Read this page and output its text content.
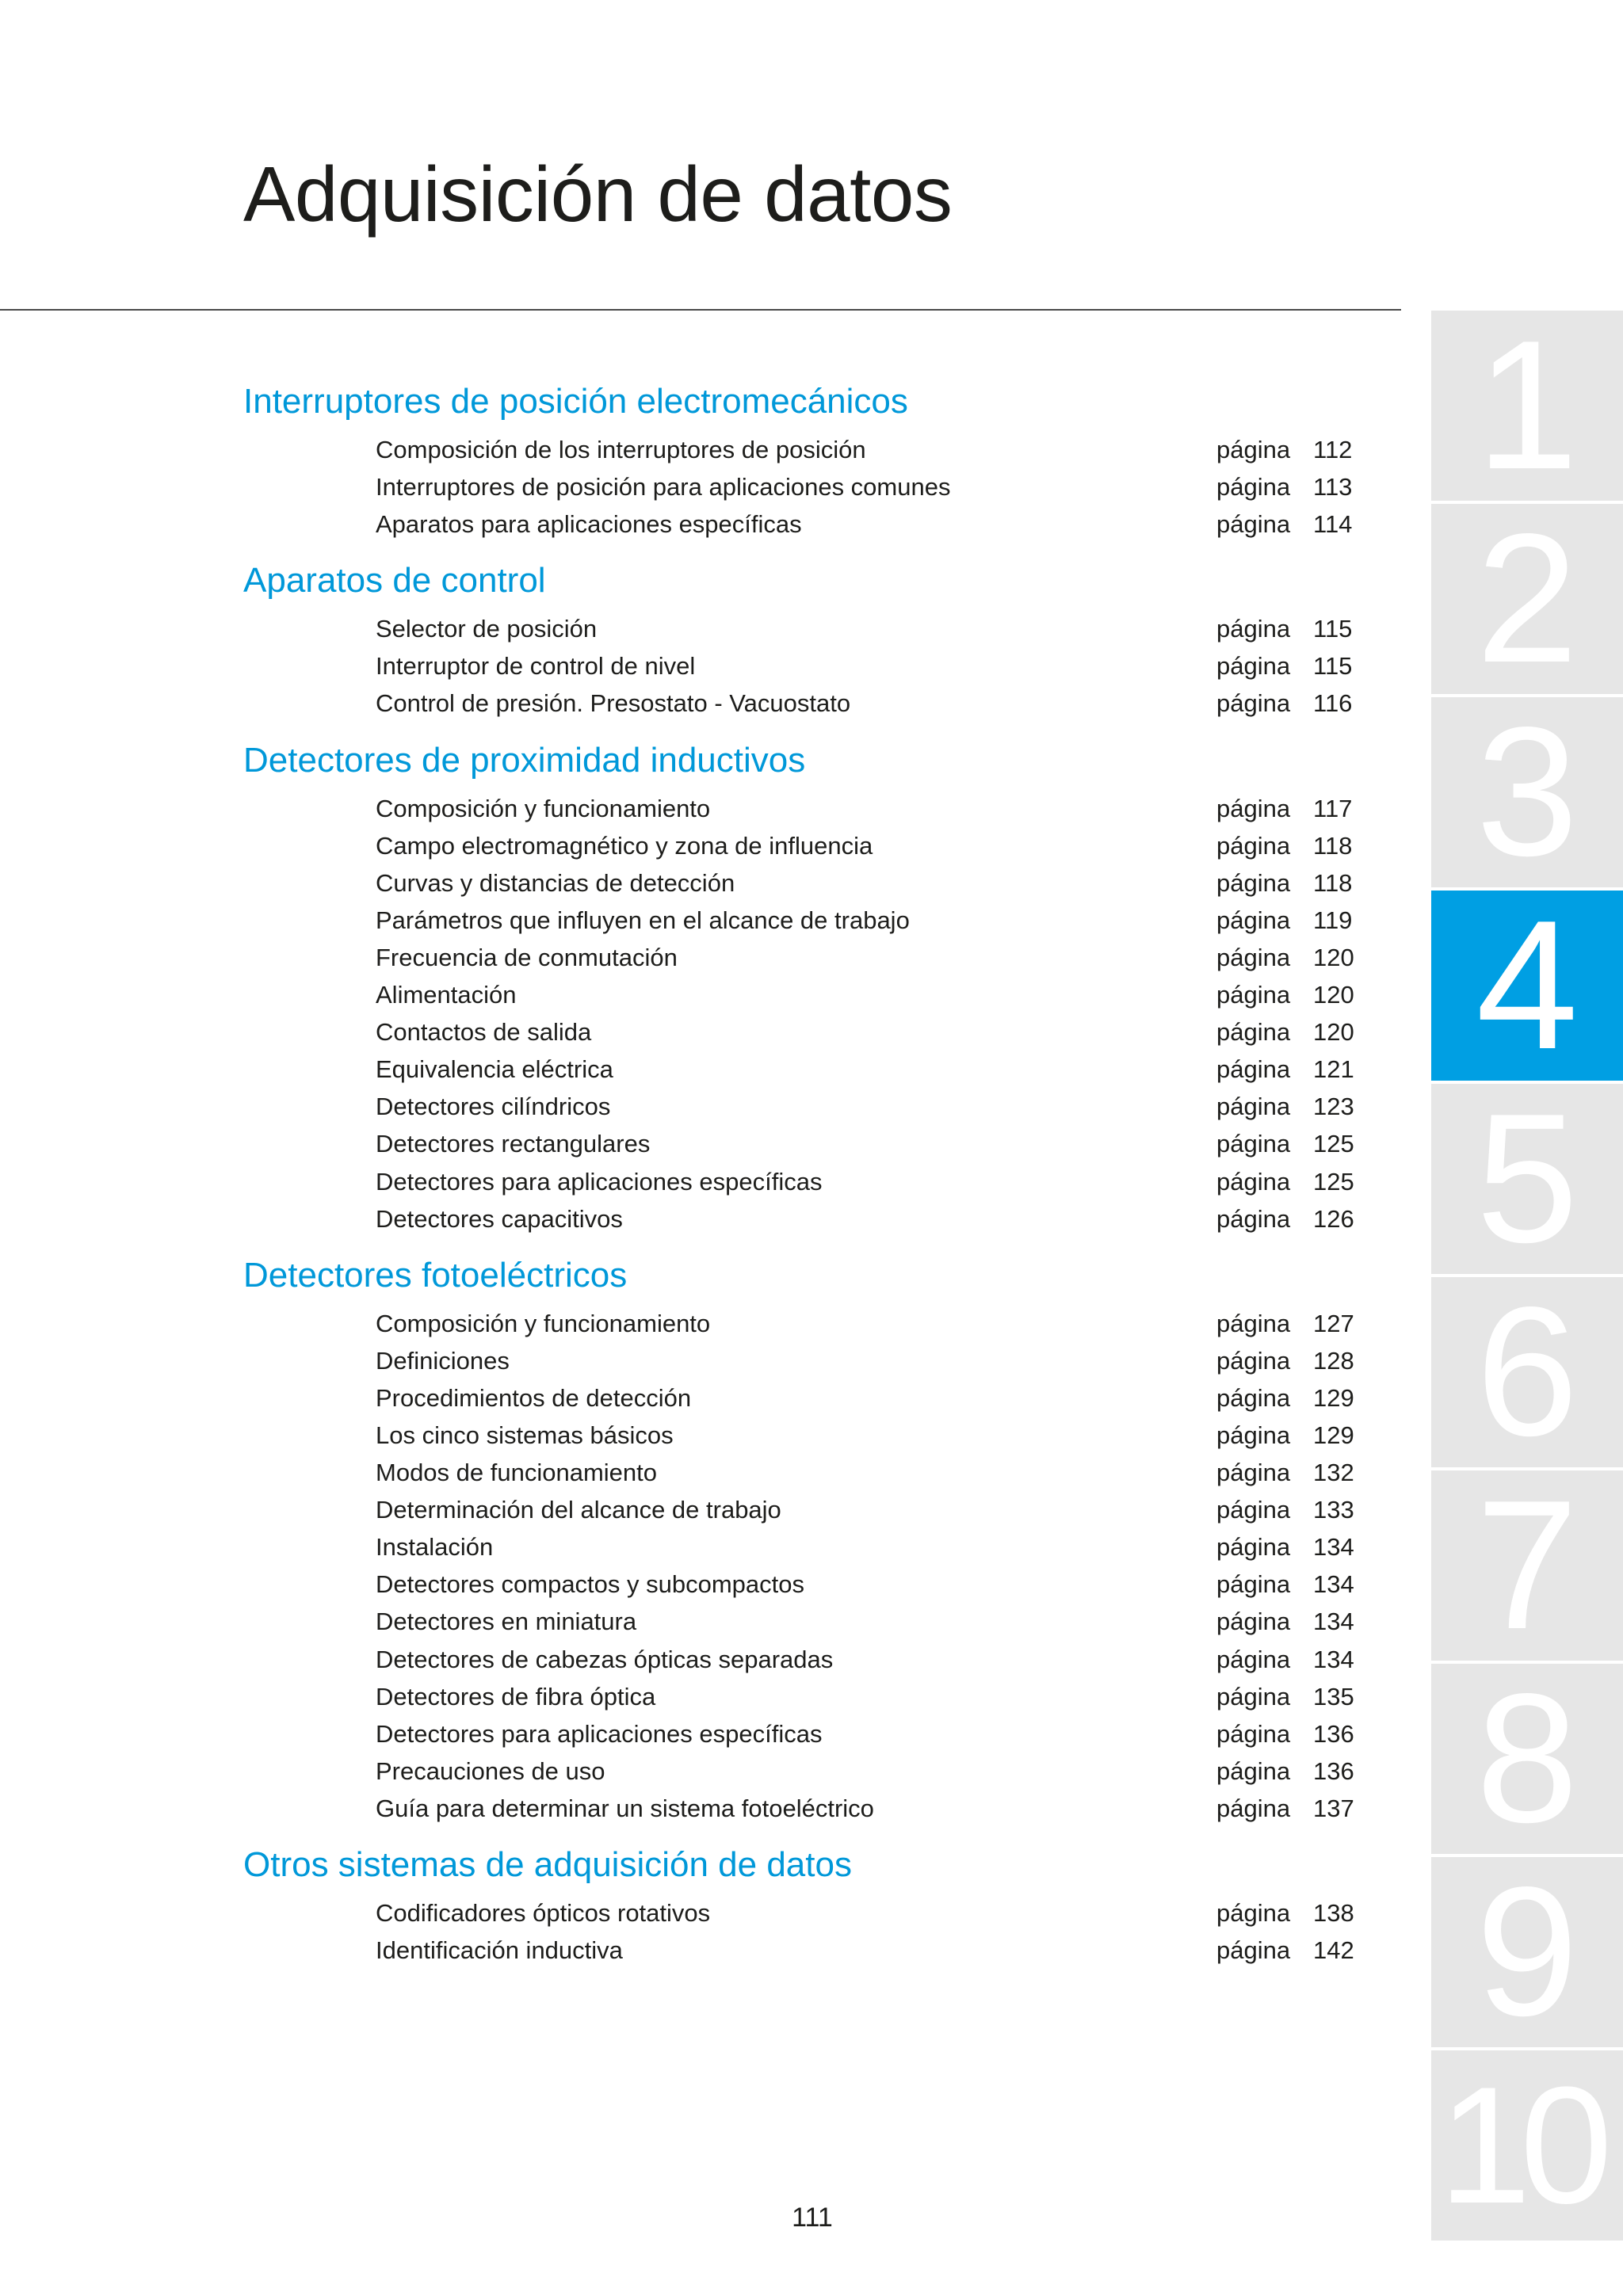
Adquisición de datos
Interruptores de posición electromecánicos
Composición de los interruptores de posición	página 112
Interruptores de posición para aplicaciones comunes	página 113
Aparatos para aplicaciones específicas	página 114
Aparatos de control
Selector de posición	página 115
Interruptor de control de nivel	página 115
Control de presión. Presostato - Vacuostato	página 116
Detectores de proximidad inductivos
Composición y funcionamiento	página 117
Campo electromagnético y zona de influencia	página 118
Curvas y distancias de detección	página 118
Parámetros que influyen en el alcance de trabajo	página 119
Frecuencia de conmutación	página 120
Alimentación	página 120
Contactos de salida	página 120
Equivalencia eléctrica	página 121
Detectores cilíndricos	página 123
Detectores rectangulares	página 125
Detectores para aplicaciones específicas	página 125
Detectores capacitivos	página 126
Detectores fotoeléctricos
Composición y funcionamiento	página 127
Definiciones	página 128
Procedimientos de detección	página 129
Los cinco sistemas básicos	página 129
Modos de funcionamiento	página 132
Determinación del alcance de trabajo	página 133
Instalación	página 134
Detectores compactos y subcompactos	página 134
Detectores en miniatura	página 134
Detectores de cabezas ópticas separadas	página 134
Detectores de fibra óptica	página 135
Detectores para aplicaciones específicas	página 136
Precauciones de uso	página 136
Guía para determinar un sistema fotoeléctrico	página 137
Otros sistemas de adquisición de datos
Codificadores ópticos rotativos	página 138
Identificación inductiva	página 142
1
2
3
4
5
6
7
8
9
10
111
